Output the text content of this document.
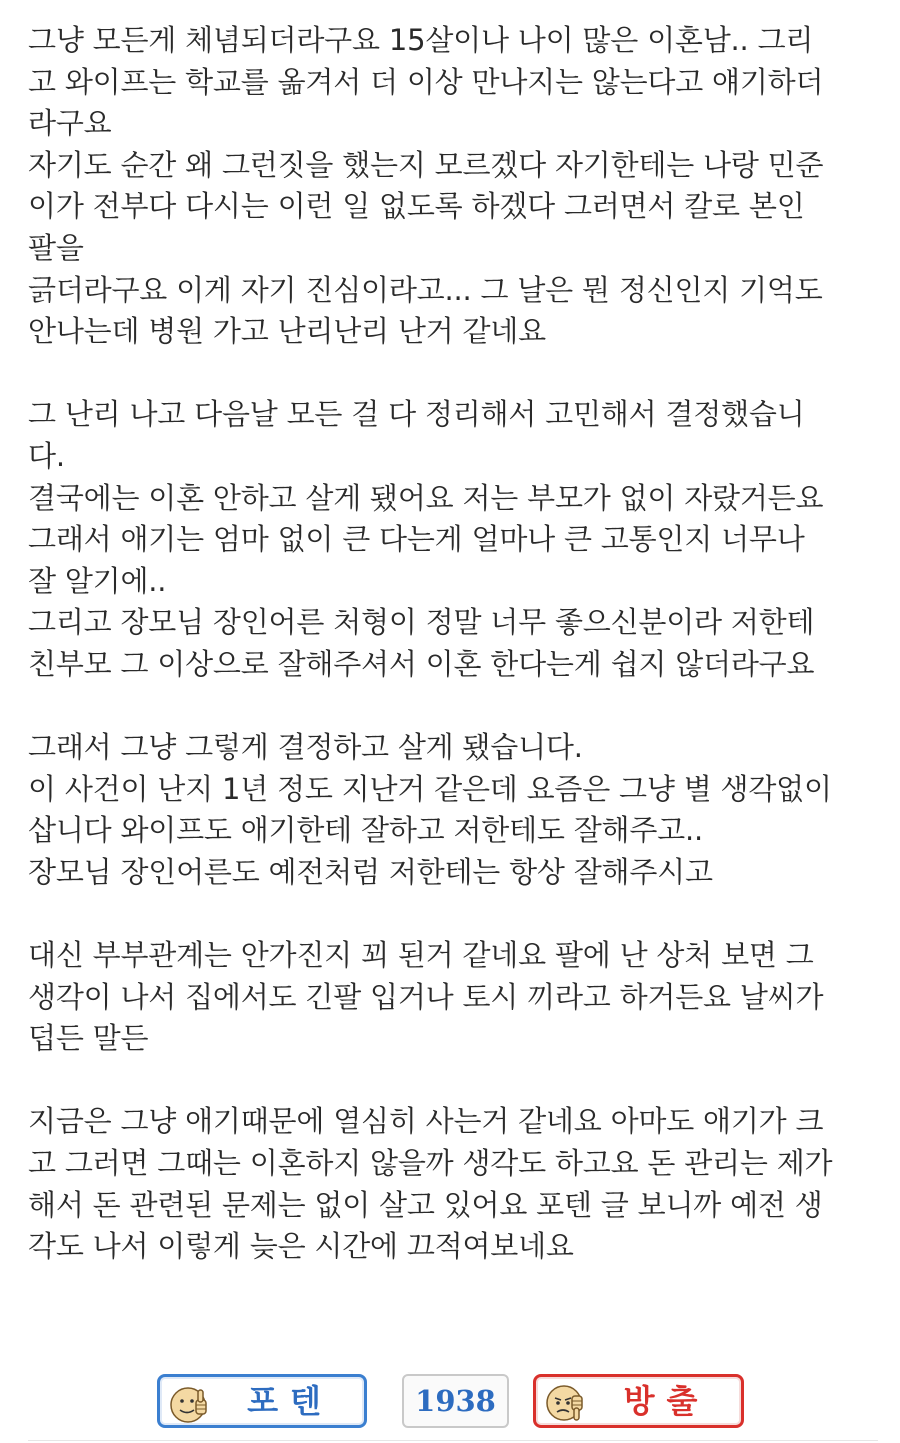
그냥 모든게 체념되더라구요 15살이나 나이 많은 이혼남.. 그리
고 와이프는 학교를 옮겨서 더 이상 만나지는 않는다고 얘기하더
라구요
자기도 순간 왜 그런짓을 했는지 모르겠다 자기한테는 나랑 민준
이가 전부다 다시는 이런 일 없도록 하겠다 그러면서 칼로 본인
팔을
긁더라구요 이게 자기 진심이라고... 그 날은 뭔 정신인지 기억도
안나는데 병원 가고 난리난리 난거 같네요
그 난리 나고 다음날 모든 걸 다 정리해서 고민해서 결정했습니
다.
결국에는 이혼 안하고 살게 됐어요 저는 부모가 없이 자랐거든요
그래서 애기는 엄마 없이 큰 다는게 얼마나 큰 고통인지 너무나
잘 알기에..
그리고 장모님 장인어른 처형이 정말 너무 좋으신분이라 저한테
친부모 그 이상으로 잘해주셔서 이혼 한다는게 쉽지 않더라구요
그래서 그냥 그렇게 결정하고 살게 됐습니다.
이 사건이 난지 1년 정도 지난거 같은데 요즘은 그냥 별 생각없이
삽니다 와이프도 애기한테 잘하고 저한테도 잘해주고..
장모님 장인어른도 예전처럼 저한테는 항상 잘해주시고
대신 부부관계는 안가진지 꾀 된거 같네요 팔에 난 상처 보면 그
생각이 나서 집에서도 긴팔 입거나 토시 끼라고 하거든요 날씨가
덥든 말든
지금은 그냥 애기때문에 열심히 사는거 같네요 아마도 애기가 크
고 그러면 그때는 이혼하지 않을까 생각도 하고요 돈 관리는 제가
해서 돈 관련된 문제는 없이 살고 있어요 포텐 글 보니까 예전 생
각도 나서 이렇게 늦은 시간에 끄적여보네요
포텐	1938	방출
